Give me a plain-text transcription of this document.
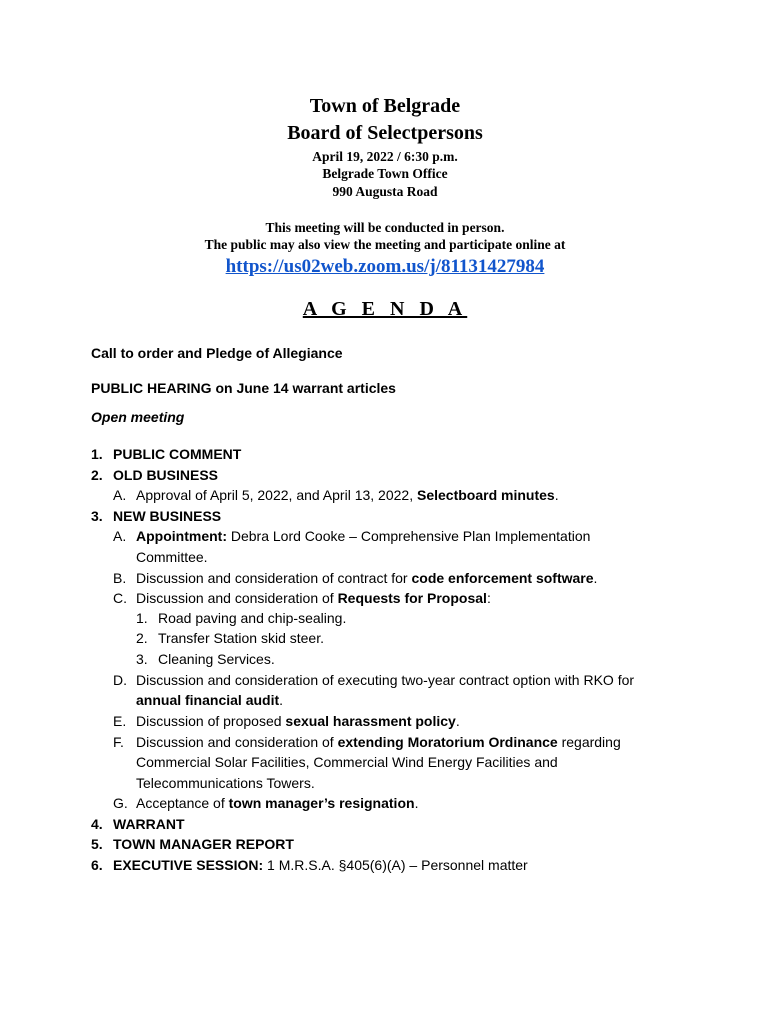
Town of Belgrade
Board of Selectpersons
April 19, 2022 / 6:30 p.m.
Belgrade Town Office
990 Augusta Road
This meeting will be conducted in person.
The public may also view the meeting and participate online at
https://us02web.zoom.us/j/81131427984
A G E N D A
Call to order and Pledge of Allegiance
PUBLIC HEARING on June 14 warrant articles
Open meeting
1. PUBLIC COMMENT
2. OLD BUSINESS
A. Approval of April 5, 2022, and April 13, 2022, Selectboard minutes.
3. NEW BUSINESS
A. Appointment: Debra Lord Cooke – Comprehensive Plan Implementation
Committee.
B. Discussion and consideration of contract for code enforcement software.
C. Discussion and consideration of Requests for Proposal:
1. Road paving and chip-sealing.
2. Transfer Station skid steer.
3. Cleaning Services.
D. Discussion and consideration of executing two-year contract option with RKO for
annual financial audit.
E. Discussion of proposed sexual harassment policy.
F. Discussion and consideration of extending Moratorium Ordinance regarding
Commercial Solar Facilities, Commercial Wind Energy Facilities and
Telecommunications Towers.
G. Acceptance of town manager’s resignation.
4. WARRANT
5. TOWN MANAGER REPORT
6. EXECUTIVE SESSION: 1 M.R.S.A. §405(6)(A) – Personnel matter
